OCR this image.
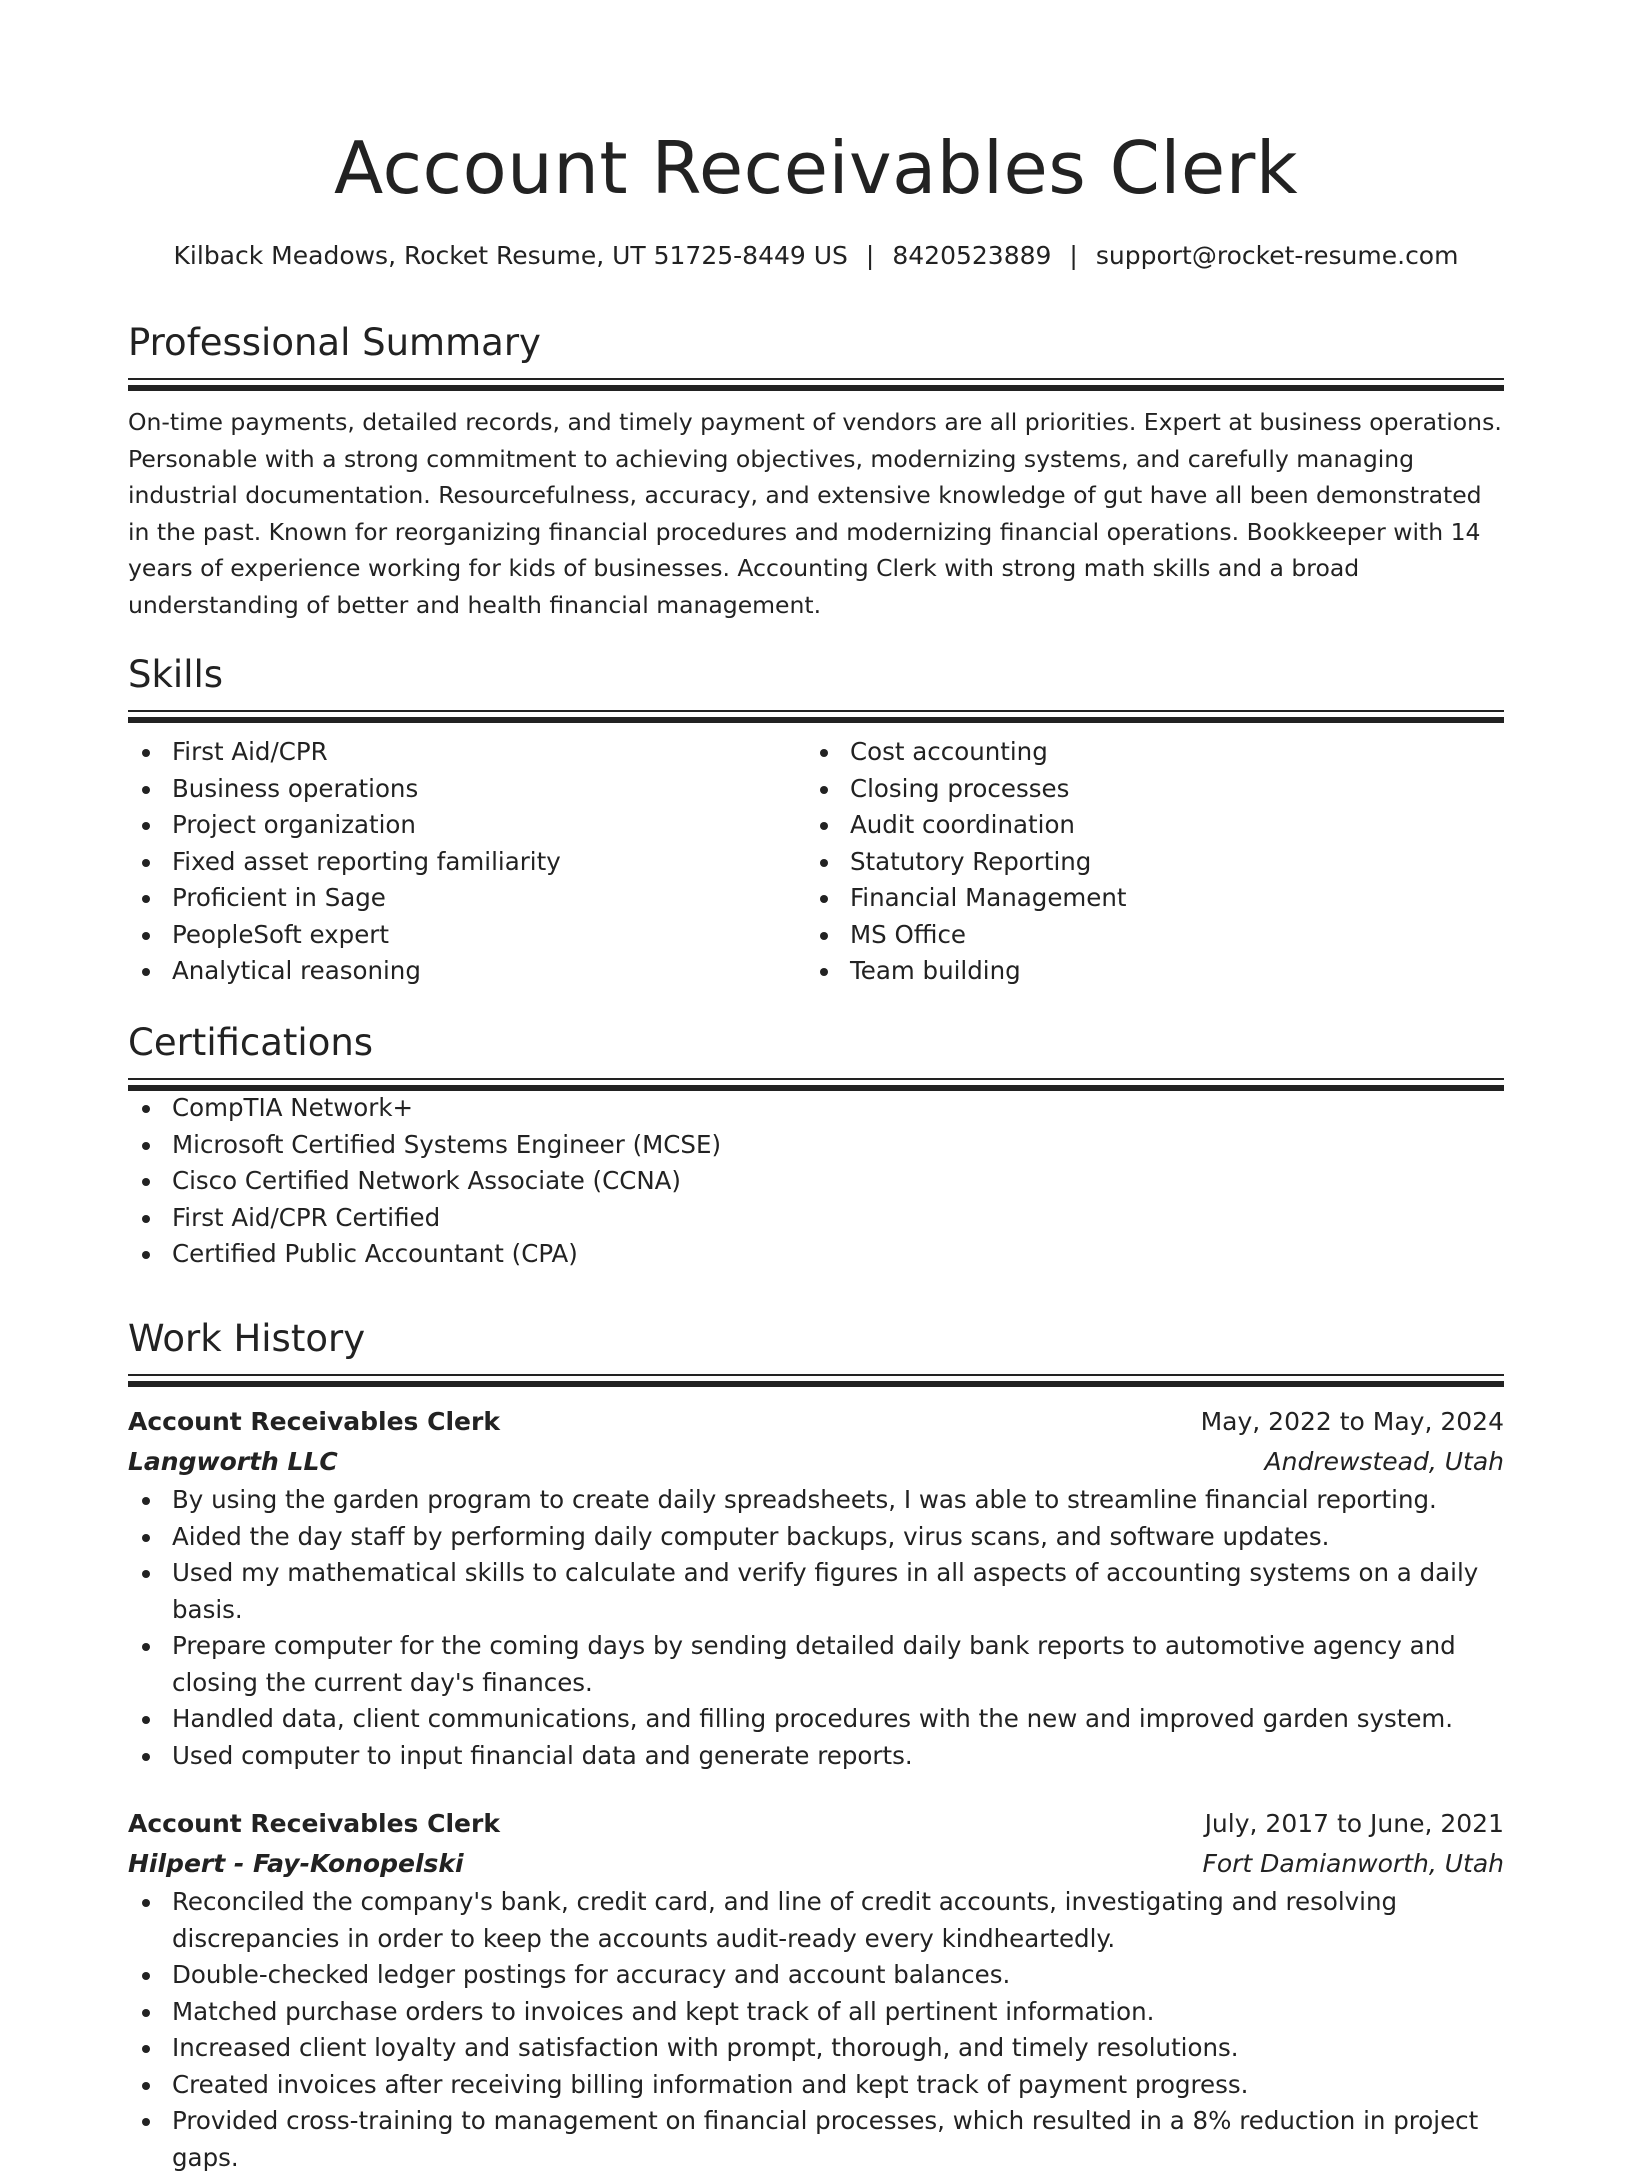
Account Receivables Clerk
Kilback Meadows, Rocket Resume, UT 51725-8449 US | 8420523889 | support@rocket-resume.com
Professional Summary

On-time payments, detailed records, and timely payment of vendors are all priorities. Expert at business operations. Personable with a strong commitment to achieving objectives, modernizing systems, and carefully managing industrial documentation. Resourcefulness, accuracy, and extensive knowledge of gut have all been demonstrated in the past. Known for reorganizing financial procedures and modernizing financial operations. Bookkeeper with 14 years of experience working for kids of businesses. Accounting Clerk with strong math skills and a broad understanding of better and health financial management.

Skills
First Aid/CPR
Business operations
Project organization
Fixed asset reporting familiarity
Proficient in Sage
PeopleSoft expert
Analytical reasoning
Cost accounting
Closing processes
Audit coordination
Statutory Reporting
Financial Management
MS Office
Team building
Certifications
CompTIA Network+
Microsoft Certified Systems Engineer (MCSE)
Cisco Certified Network Associate (CCNA)
First Aid/CPR Certified
Certified Public Accountant (CPA)
Work History
Account Receivables Clerk	May, 2022 to May, 2024
Langworth LLC	Andrewstead, Utah
By using the garden program to create daily spreadsheets, I was able to streamline financial reporting.
Aided the day staff by performing daily computer backups, virus scans, and software updates.
Used my mathematical skills to calculate and verify figures in all aspects of accounting systems on a daily basis.
Prepare computer for the coming days by sending detailed daily bank reports to automotive agency and closing the current day's finances.
Handled data, client communications, and filling procedures with the new and improved garden system.
Used computer to input financial data and generate reports.
Account Receivables Clerk	July, 2017 to June, 2021
Hilpert - Fay-Konopelski	Fort Damianworth, Utah
Reconciled the company's bank, credit card, and line of credit accounts, investigating and resolving discrepancies in order to keep the accounts audit-ready every kindheartedly.
Double-checked ledger postings for accuracy and account balances.
Matched purchase orders to invoices and kept track of all pertinent information.
Increased client loyalty and satisfaction with prompt, thorough, and timely resolutions.
Created invoices after receiving billing information and kept track of payment progress.
Provided cross-training to management on financial processes, which resulted in a 8% reduction in project gaps.
